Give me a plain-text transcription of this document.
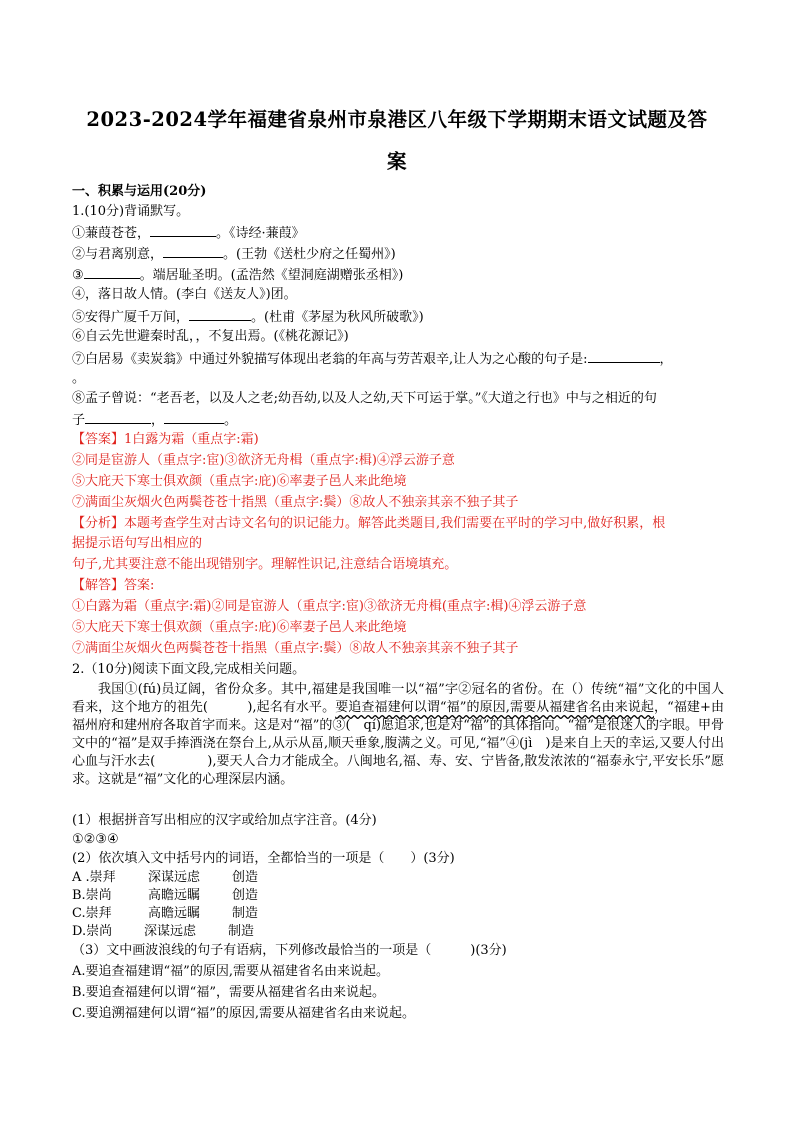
2023-2024学年福建省泉州市泉港区八年级下学期期末语文试题及答
案
一、积累与运用(20分)
1.(10分)背诵默写。
①蒹葭苍苍，	。《诗经·蒹葭》
②与君离别意，	。(王勃《送杜少府之任蜀州》)
③	。端居耻圣明。(孟浩然《望洞庭湖赠张丞相》)
④，落日故人情。(李白《送友人》)团。
⑤安得广厦千万间，	。(杜甫《茅屋为秋风所破歌》)
⑥自云先世避秦时乱，，不复出焉。(《桃花源记》)
⑦白居易《卖炭翁》中通过外貌描写体现出老翁的年高与劳苦艰辛,让人为之心酸的句子是:	，
。
⑧孟子曾说：“老吾老，以及人之老;幼吾幼,以及人之幼,天下可运于掌。”《大道之行也》中与之相近的句
子	，	。
【答案】1白露为霜（重点字:霜)
②同是宦游人（重点字:宦)③欲济无舟楫（重点字:楫)④浮云游子意
⑤大庇天下寒士俱欢颜（重点字:庇)⑥率妻子邑人来此绝境
⑦满面尘灰烟火色两鬓苍苍十指黑（重点字:鬓）⑧故人不独亲其亲不独子其子
【分析】本题考查学生对古诗文名句的识记能力。解答此类题目,我们需要在平时的学习中,做好积累，根
据提示语句写出相应的
句子,尤其要注意不能出现错别字。理解性识记,注意结合语境填充。
【解答】答案:
①白露为霜（重点字:霜)②同是宦游人（重点字:宦)③欲济无舟楫(重点字:楫)④浮云游子意
⑤大庇天下寒士俱欢颜（重点字:庇)⑥率妻子邑人来此绝境
⑦满面尘灰烟火色两鬓苍苍十指黑（重点字:鬓）⑧故人不独亲其亲不独子其子
2.（10分)阅读下面文段,完成相关问题。
我国①(fú)员辽阔，省份众多。其中,福建是我国唯一以“福”字②冠名的省份。在（）传统“福”文化的中国人看来，这个地方的祖先(　　　),起名有水平。要追查福建何以谓“福”的原因,需要从福建省名由来说起，“福建+由福州府和建州府各取首字而来。这是对“福”的③(　qí)愿追求,也是对“福”的具体指向。“福”是很迷人的字眼。甲骨文中的“福”是双手捧酒浇在祭台上,从示从畐,顺天垂象,腹满之义。可见,“福”④(jì　)是来自上天的幸运,又要人付出心血与汗水去(　　　　),要天人合力才能成全。八闽地名,福、寿、安、宁皆备,散发浓浓的“福泰永宁,平安长乐”愿求。这就是“福”文化的心理深层内涵。
(1）根据拼音写出相应的汉字或给加点字注音。(4分)
①②③④
(2）依次填入文中括号内的词语，全都恰当的一项是（　　）(3分)
A .崇拜 深谋远虑 创造
B.崇尚	高瞻远瞩 创造
C.崇拜	高瞻远瞩 制造
D.崇尚 深谋远虑 制造
（3）文中画波浪线的句子有语病，下列修改最恰当的一项是（　　　)(3分)
A.要追查福建谓“福”的原因,需要从福建省名由来说起。
B.要追查福建何以谓“福”，需要从福建省名由来说起。
C.要追溯福建何以谓“福”的原因,需要从福建省名由来说起。
